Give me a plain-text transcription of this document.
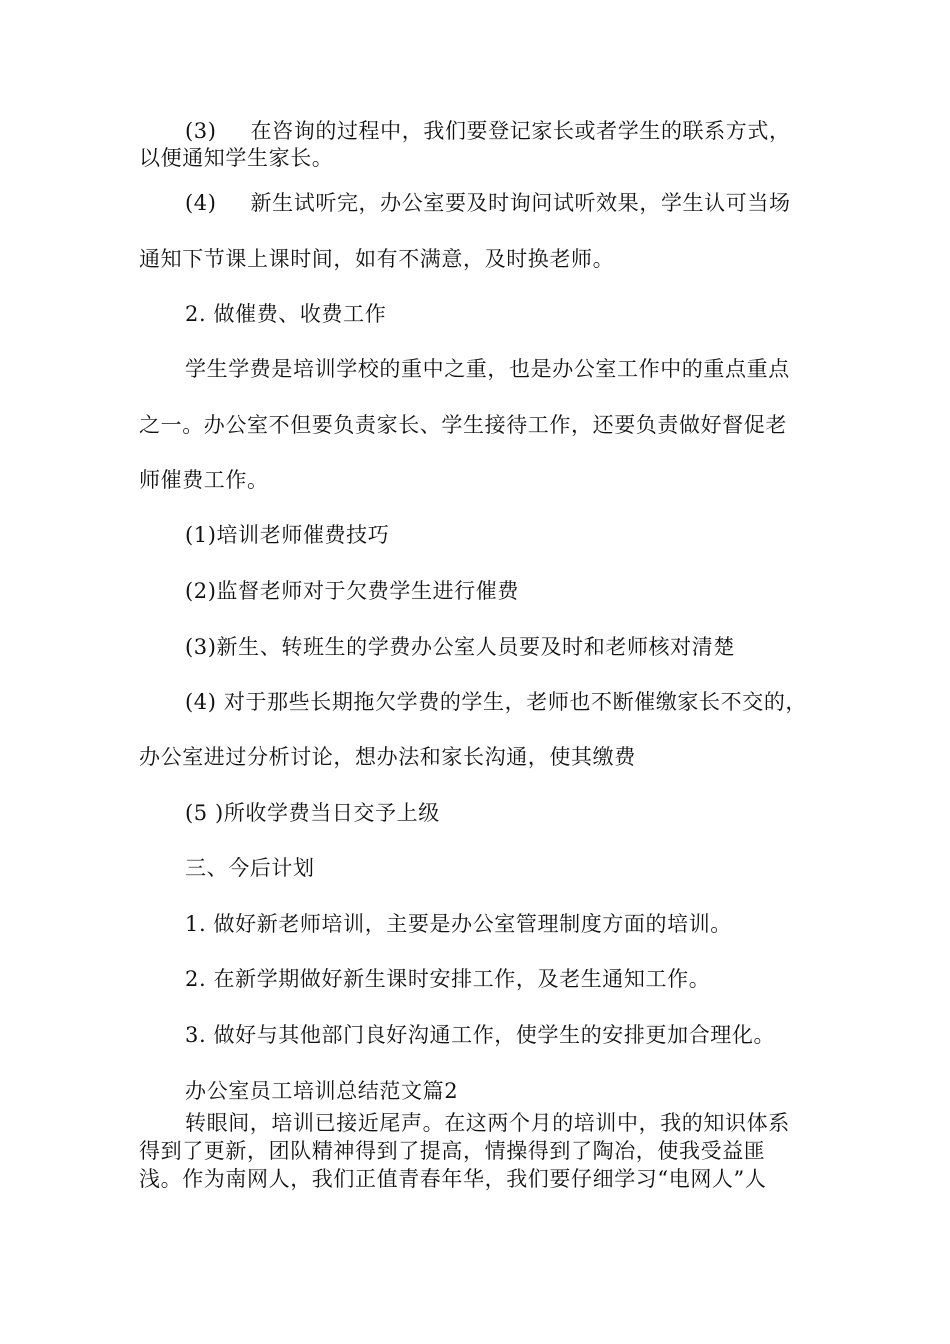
(3) 在咨询的过程中，我们要登记家长或者学生的联系方式，
以便通知学生家长。
(4) 新生试听完，办公室要及时询问试听效果，学生认可当场
通知下节课上课时间，如有不满意，及时换老师。
2. 做催费、收费工作
学生学费是培训学校的重中之重，也是办公室工作中的重点重点
之一。办公室不但要负责家长、学生接待工作，还要负责做好督促老
师催费工作。
(1)培训老师催费技巧
(2)监督老师对于欠费学生进行催费
(3)新生、转班生的学费办公室人员要及时和老师核对清楚
(4) 对于那些长期拖欠学费的学生，老师也不断催缴家长不交的，
办公室进过分析讨论，想办法和家长沟通，使其缴费
(5 )所收学费当日交予上级
三、今后计划
1. 做好新老师培训，主要是办公室管理制度方面的培训。
2. 在新学期做好新生课时安排工作，及老生通知工作。
3. 做好与其他部门良好沟通工作，使学生的安排更加合理化。
办公室员工培训总结范文篇2
转眼间，培训已接近尾声。在这两个月的培训中，我的知识体系
得到了更新，团队精神得到了提高，情操得到了陶冶，使我受益匪
浅。作为南网人，我们正值青春年华，我们要仔细学习“电网人”人
